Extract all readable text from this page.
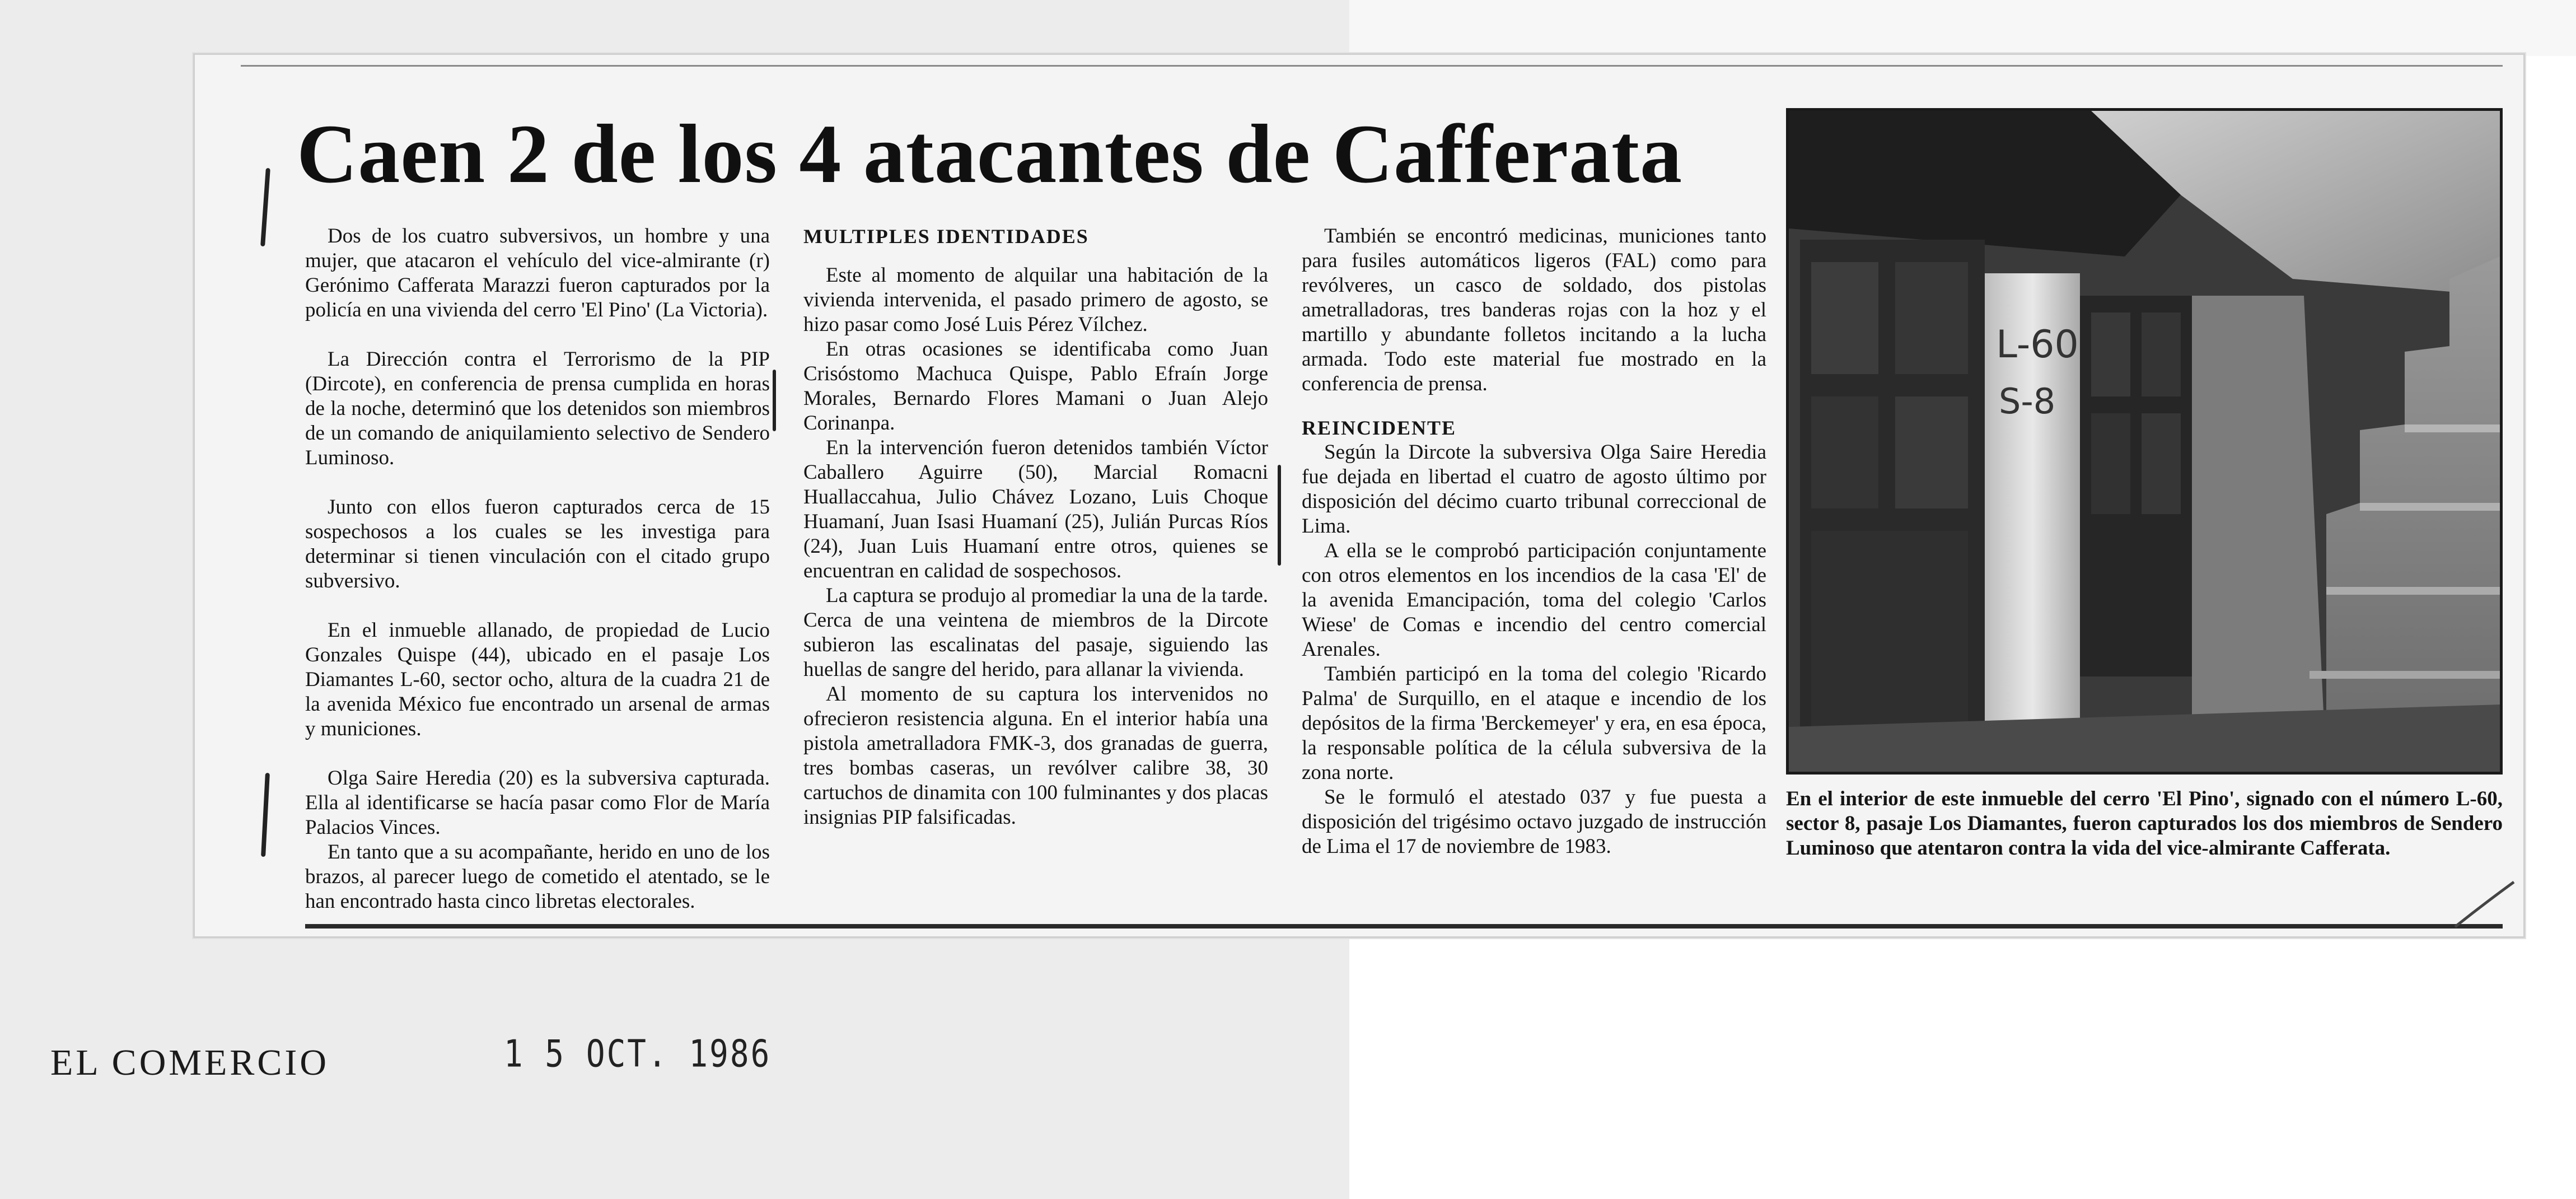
Caen 2 de los 4 atacantes de Cafferata

Dos de los cuatro subversivos, un hombre y una mujer, que atacaron el vehículo del vice-almirante (r) Gerónimo Cafferata Marazzi fueron capturados por la policía en una vivienda del cerro 'El Pino' (La Victoria).

La Dirección contra el Terrorismo de la PIP (Dircote), en conferencia de prensa cumplida en horas de la noche, determinó que los detenidos son miembros de un comando de aniquilamiento selectivo de Sendero Luminoso.

Junto con ellos fueron capturados cerca de 15 sospechosos a los cuales se les investiga para determinar si tienen vinculación con el citado grupo subversivo.

En el inmueble allanado, de propiedad de Lucio Gonzales Quispe (44), ubicado en el pasaje Los Diamantes L-60, sector ocho, altura de la cuadra 21 de la avenida México fue encontrado un arsenal de armas y municiones.

Olga Saire Heredia (20) es la subversiva capturada. Ella al identificarse se hacía pasar como Flor de María Palacios Vinces.

En tanto que a su acompañante, herido en uno de los brazos, al parecer luego de cometido el atentado, se le han encontrado hasta cinco libretas electorales.

MULTIPLES IDENTIDADES

Este al momento de alquilar una habitación de la vivienda intervenida, el pasado primero de agosto, se hizo pasar como José Luis Pérez Vílchez.

En otras ocasiones se identificaba como Juan Crisóstomo Machuca Quispe, Pablo Efraín Jorge Morales, Bernardo Flores Mamani o Juan Alejo Corinanpa.

En la intervención fueron detenidos también Víctor Caballero Aguirre (50), Marcial Romacni Huallaccahua, Julio Chávez Lozano, Luis Choque Huamaní, Juan Isasi Huamaní (25), Julián Purcas Ríos (24), Juan Luis Huamaní entre otros, quienes se encuentran en calidad de sospechosos.

La captura se produjo al promediar la una de la tarde. Cerca de una veintena de miembros de la Dircote subieron las escalinatas del pasaje, siguiendo las huellas de sangre del herido, para allanar la vivienda.

Al momento de su captura los intervenidos no ofrecieron resistencia alguna. En el interior había una pistola ametralladora FMK-3, dos granadas de guerra, tres bombas caseras, un revólver calibre 38, 30 cartuchos de dinamita con 100 fulminantes y dos placas insignias PIP falsificadas.

También se encontró medicinas, municiones tanto para fusiles automáticos ligeros (FAL) como para revólveres, un casco de soldado, dos pistolas ametralladoras, tres banderas rojas con la hoz y el martillo y abundante folletos incitando a la lucha armada. Todo este material fue mostrado en la conferencia de prensa.

REINCIDENTE

Según la Dircote la subversiva Olga Saire Heredia fue dejada en libertad el cuatro de agosto último por disposición del décimo cuarto tribunal correccional de Lima.

A ella se le comprobó participación conjuntamente con otros elementos en los incendios de la casa 'El' de la avenida Emancipación, toma del colegio 'Carlos Wiese' de Comas e incendio del centro comercial Arenales.

También participó en la toma del colegio 'Ricardo Palma' de Surquillo, en el ataque e incendio de los depósitos de la firma 'Berckemeyer' y era, en esa época, la responsable política de la célula subversiva de la zona norte.

Se le formuló el atestado 037 y fue puesta a disposición del trigésimo octavo juzgado de instrucción de Lima el 17 de noviembre de 1983.

L-60
S-8
En el interior de este inmueble del cerro 'El Pino', signado con el número L-60, sector 8, pasaje Los Diamantes, fueron capturados los dos miembros de Sendero Luminoso que atentaron contra la vida del vice-almirante Cafferata.
EL COMERCIO	1 5 OCT. 1986
